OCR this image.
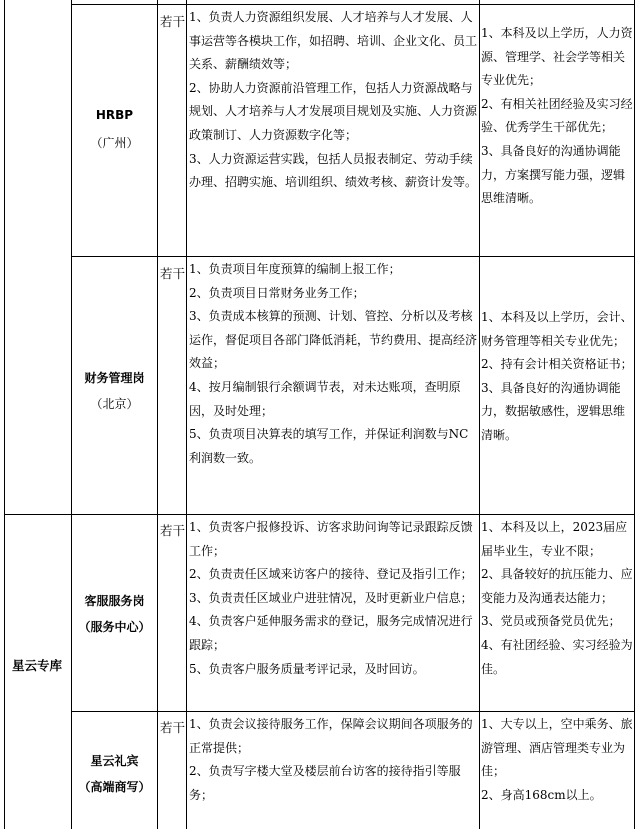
星云专库
HRBP
（广州）
若干 1、负责人力资源组织发展、人才培养与人才发展、人事运营等各模块工作，如招聘、培训、企业文化、员工关系、薪酬绩效等；
2、协助人力资源前沿管理工作，包括人力资源战略与规划、人才培养与人才发展项目规划及实施、人力资源政策制订、人力资源数字化等；
3、人力资源运营实践，包括人员报表制定、劳动手续办理、招聘实施、培训组织、绩效考核、薪资计发等。
1、本科及以上学历，人力资源、管理学、社会学等相关专业优先；
2、有相关社团经验及实习经验、优秀学生干部优先；
3、具备良好的沟通协调能力，方案撰写能力强，逻辑思维清晰。
财务管理岗
（北京）
若干 1、负责项目年度预算的编制上报工作；
2、负责项目日常财务业务工作；
3、负责成本核算的预测、计划、管控、分析以及考核运作，督促项目各部门降低消耗，节约费用、提高经济效益；
4、按月编制银行余额调节表，对未达账项，查明原因，及时处理；
5、负责项目决算表的填写工作，并保证利润数与NC利润数一致。
1、本科及以上学历，会计、财务管理等相关专业优先；
2、持有会计相关资格证书；
3、具备良好的沟通协调能力，数据敏感性，逻辑思维清晰。
客服服务岗
（服务中心）
若干 1、负责客户报修投诉、访客求助问询等记录跟踪反馈工作；
2、负责责任区域来访客户的接待、登记及指引工作；
3、负责责任区域业户进驻情况，及时更新业户信息；
4、负责客户延伸服务需求的登记，服务完成情况进行跟踪；
5、负责客户服务质量考评记录，及时回访。
1、本科及以上，2023届应届毕业生，专业不限；
2、具备较好的抗压能力、应变能力及沟通表达能力；
3、党员或预备党员优先；
4、有社团经验、实习经验为佳。
星云礼宾
（高端商写）
若干 1、负责会议接待服务工作，保障会议期间各项服务的正常提供；
2、负责写字楼大堂及楼层前台访客的接待指引等服务；
1、大专以上，空中乘务、旅游管理、酒店管理类专业为佳；
2、身高168cm以上。
